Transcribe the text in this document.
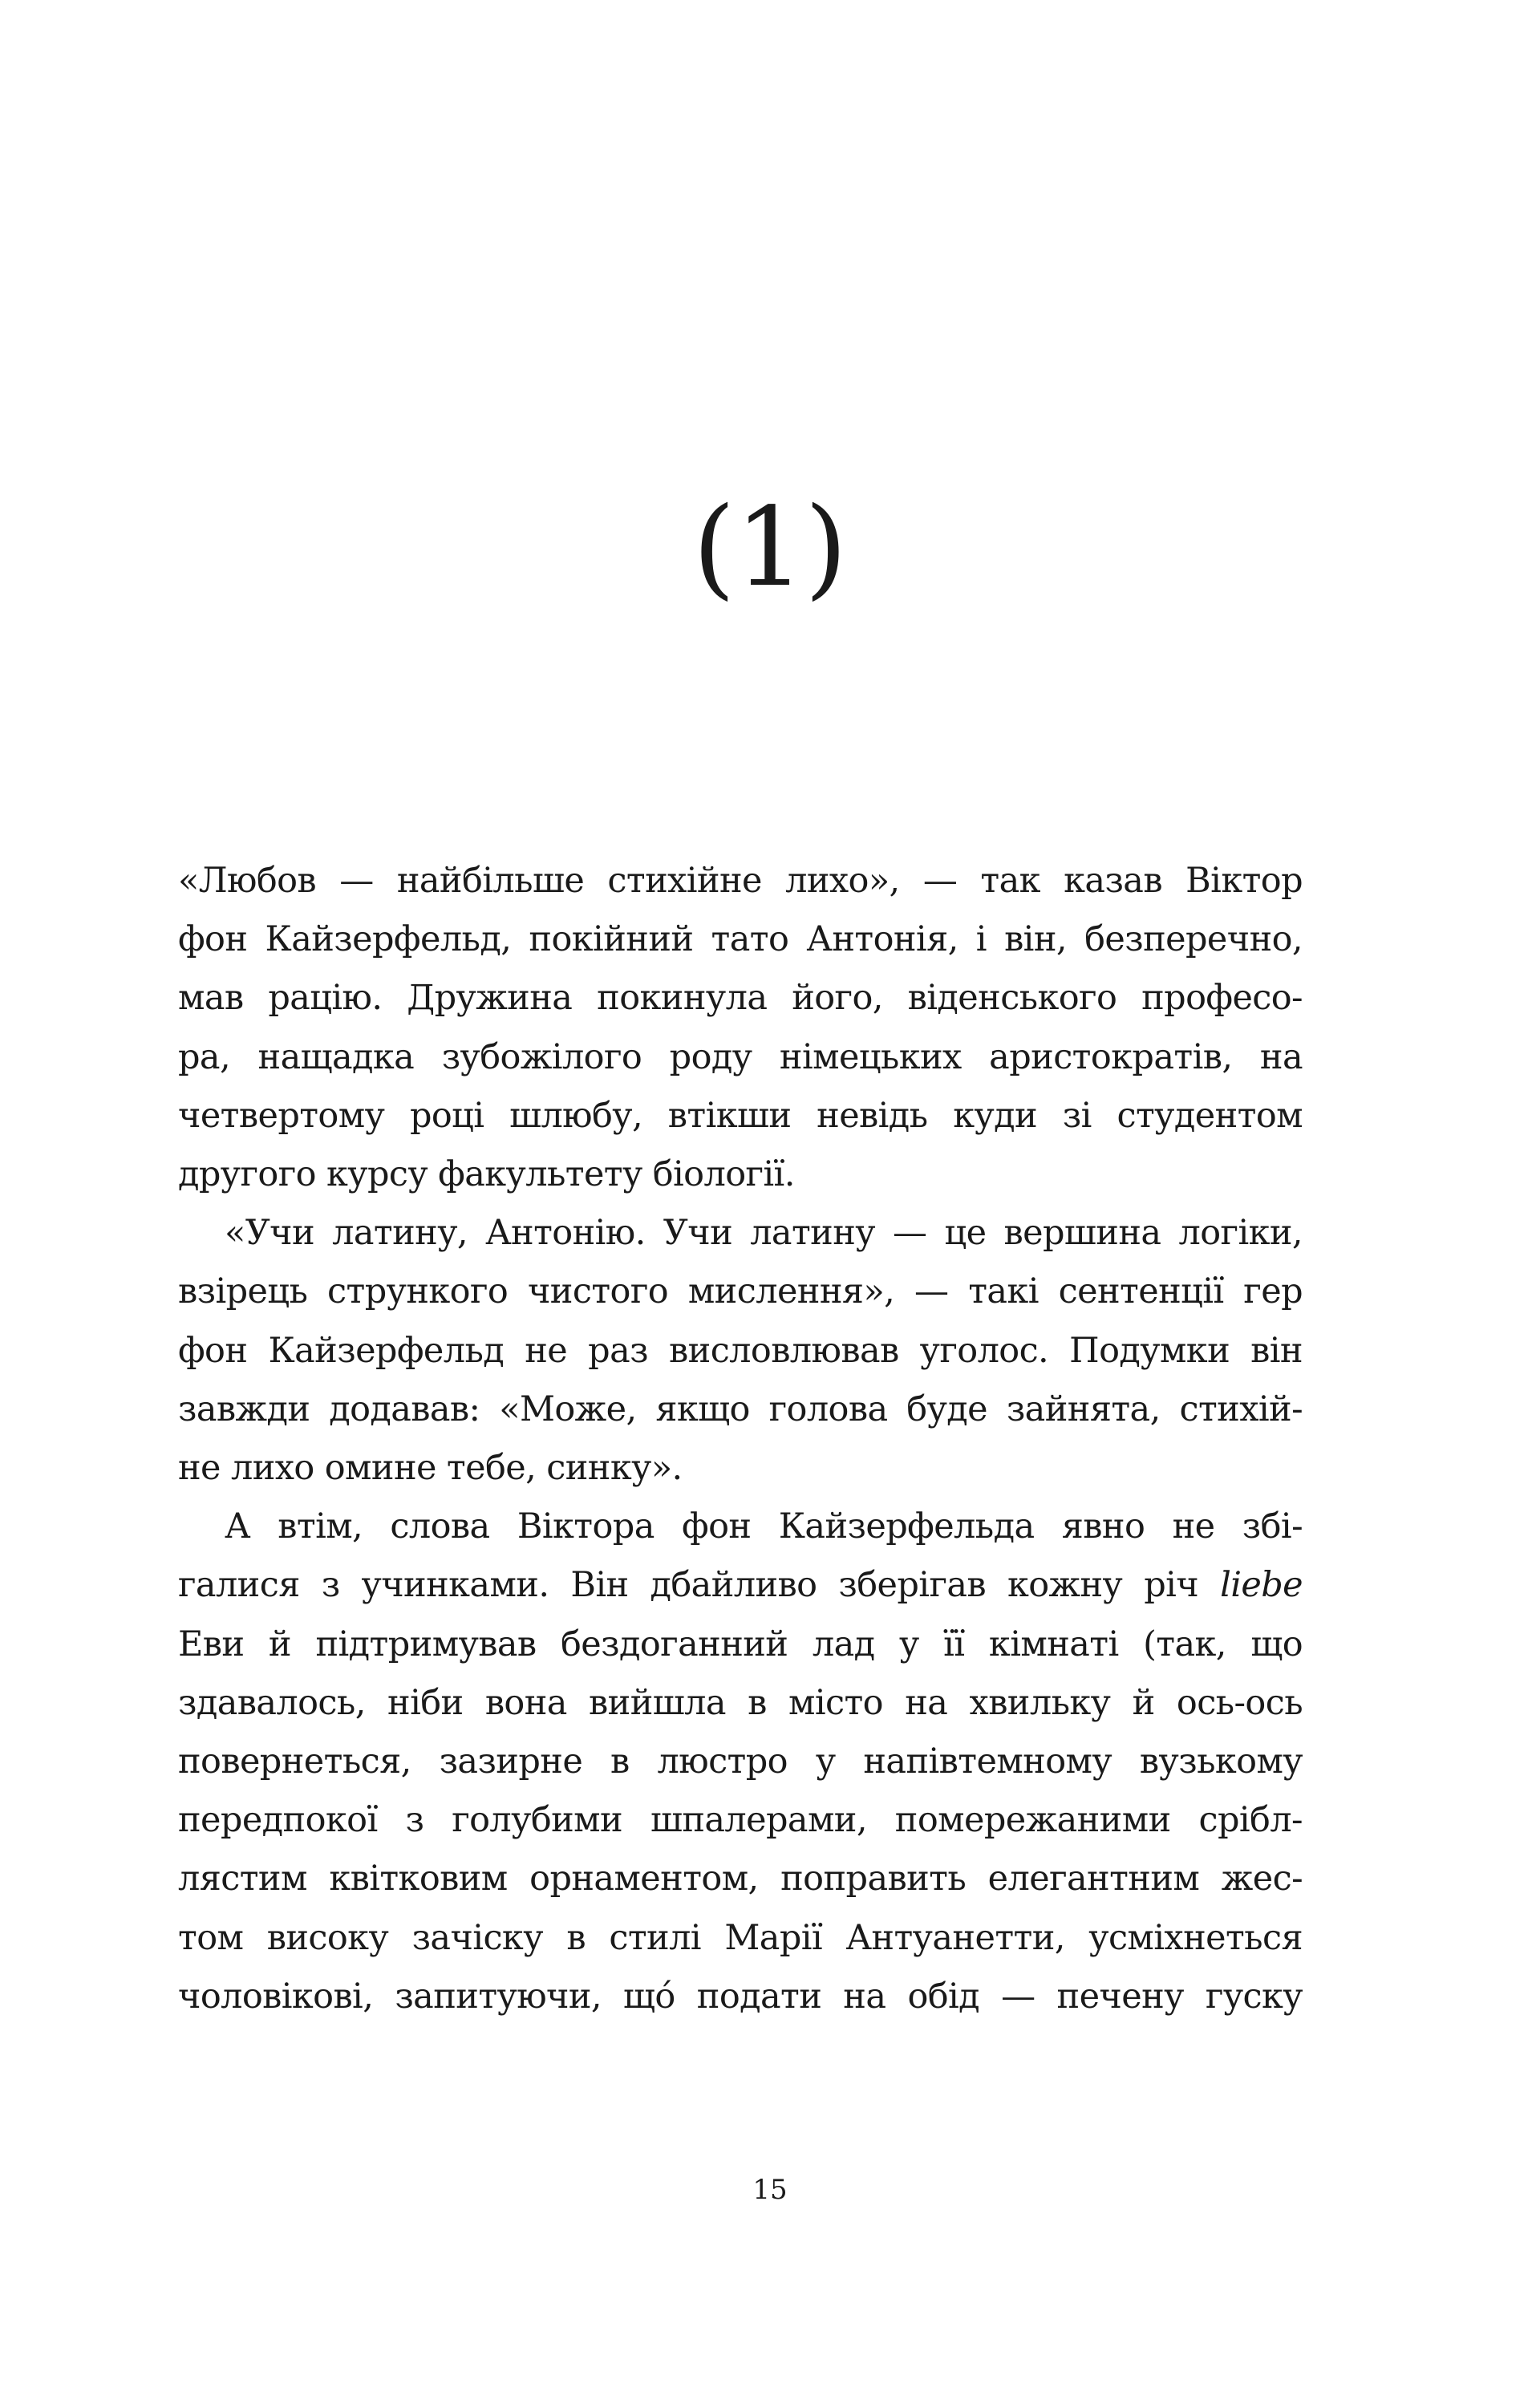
(1)
«Любов — найбільше стихійне лихо», — так казав Віктор
фон Кайзерфельд, покійний тато Антонія, і він, безперечно,
мав рацію. Дружина покинула його, віденського професо-
ра, нащадка зубожілого роду німецьких аристократів, на
четвертому році шлюбу, втікши невідь куди зі студентом
другого курсу факультету біології.
«Учи латину, Антонію. Учи латину — це вершина логіки,
взірець стрункого чистого мислення», — такі сентенції гер
фон Кайзерфельд не раз висловлював уголос. Подумки він
завжди додавав: «Може, якщо голова буде зайнята, стихій-
не лихо омине тебе, синку».
А втім, слова Віктора фон Кайзерфельда явно не збі-
галися з учинками. Він дбайливо зберігав кожну річ liebe
Еви й підтримував бездоганний лад у її кімнаті (так, що
здавалось, ніби вона вийшла в місто на хвильку й ось-ось
повернеться, зазирне в люстро у напівтемному вузькому
передпокої з голубими шпалерами, помережаними срібл-
лястим квітковим орнаментом, поправить елегантним жес-
том високу зачіску в стилі Марії Антуанетти, усміхнеться
чоловікові, запитуючи, щó подати на обід — печену гуску
15
